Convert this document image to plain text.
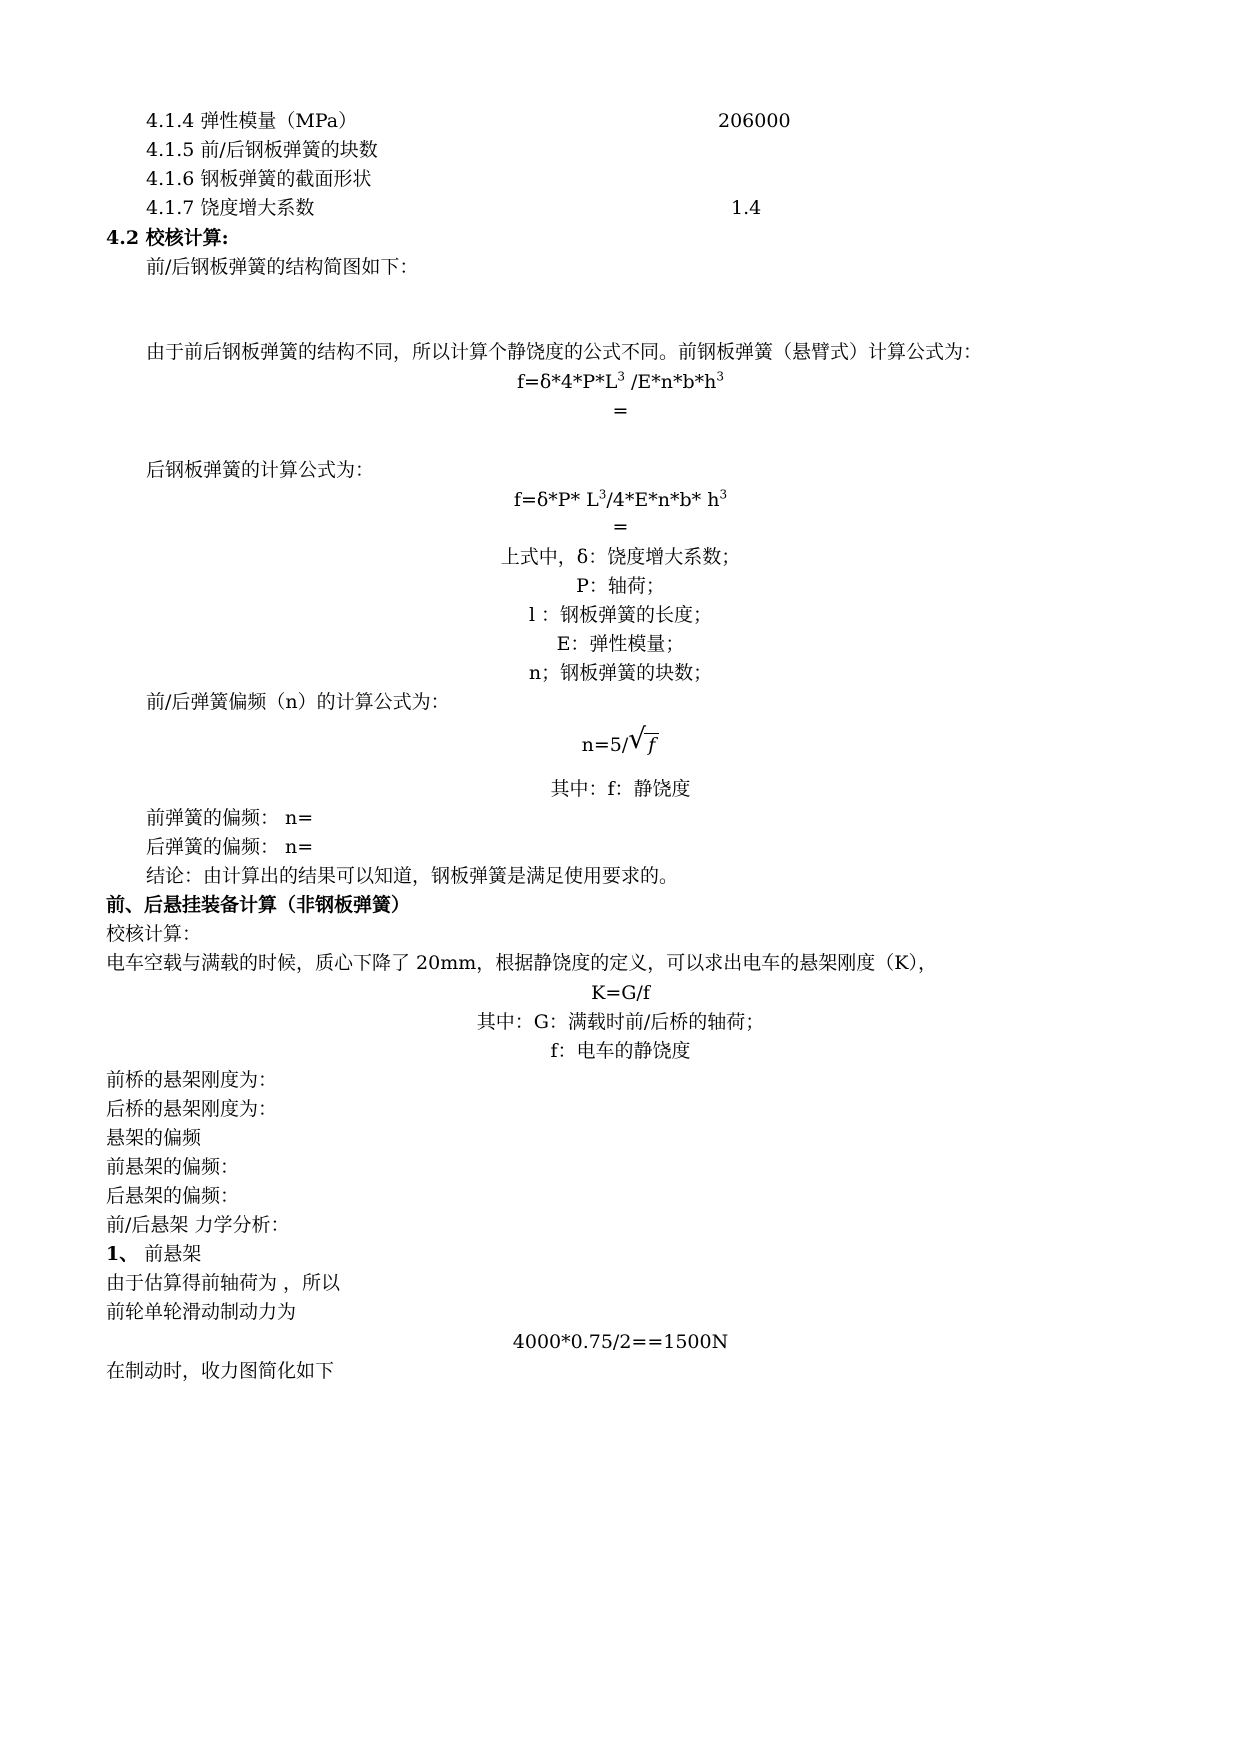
4.1.4 弹性模量（MPa）	206000
4.1.5 前/后钢板弹簧的块数
4.1.6 钢板弹簧的截面形状
4.1.7 饶度增大系数	1.4
4.2 校核计算:
前/后钢板弹簧的结构简图如下：
由于前后钢板弹簧的结构不同，所以计算个静饶度的公式不同。前钢板弹簧（悬臂式）计算公式为：
$f=\delta*4*P*L^3$ $/E*n*b*h^3$
=
后钢板弹簧的计算公式为：
f=δ*P* $L^3/4*E*n*b*$ $h^3$
=
上式中，δ：饶度增大系数；
P：轴荷；
l ：钢板弹簧的长度；
E：弹性模量；
n；钢板弹簧的块数；
前/后弹簧偏频（n）的计算公式为：
n=5/ √ f
其中：f：静饶度
前弹簧的偏频： n=
后弹簧的偏频： n=
结论：由计算出的结果可以知道，钢板弹簧是满足使用要求的。
前、后悬挂装备计算（非钢板弹簧）
校核计算：
电车空载与满载的时候，质心下降了 20mm，根据静饶度的定义，可以求出电车的悬架刚度（K），
K=G/f
其中：G：满载时前/后桥的轴荷；
f：电车的静饶度
前桥的悬架刚度为：
后桥的悬架刚度为：
悬架的偏频
前悬架的偏频：
后悬架的偏频：
前/后悬架 力学分析：
1、 前悬架
由于估算得前轴荷为 ，所以
前轮单轮滑动制动力为
4000*0.75/2==1500N
在制动时，收力图简化如下
